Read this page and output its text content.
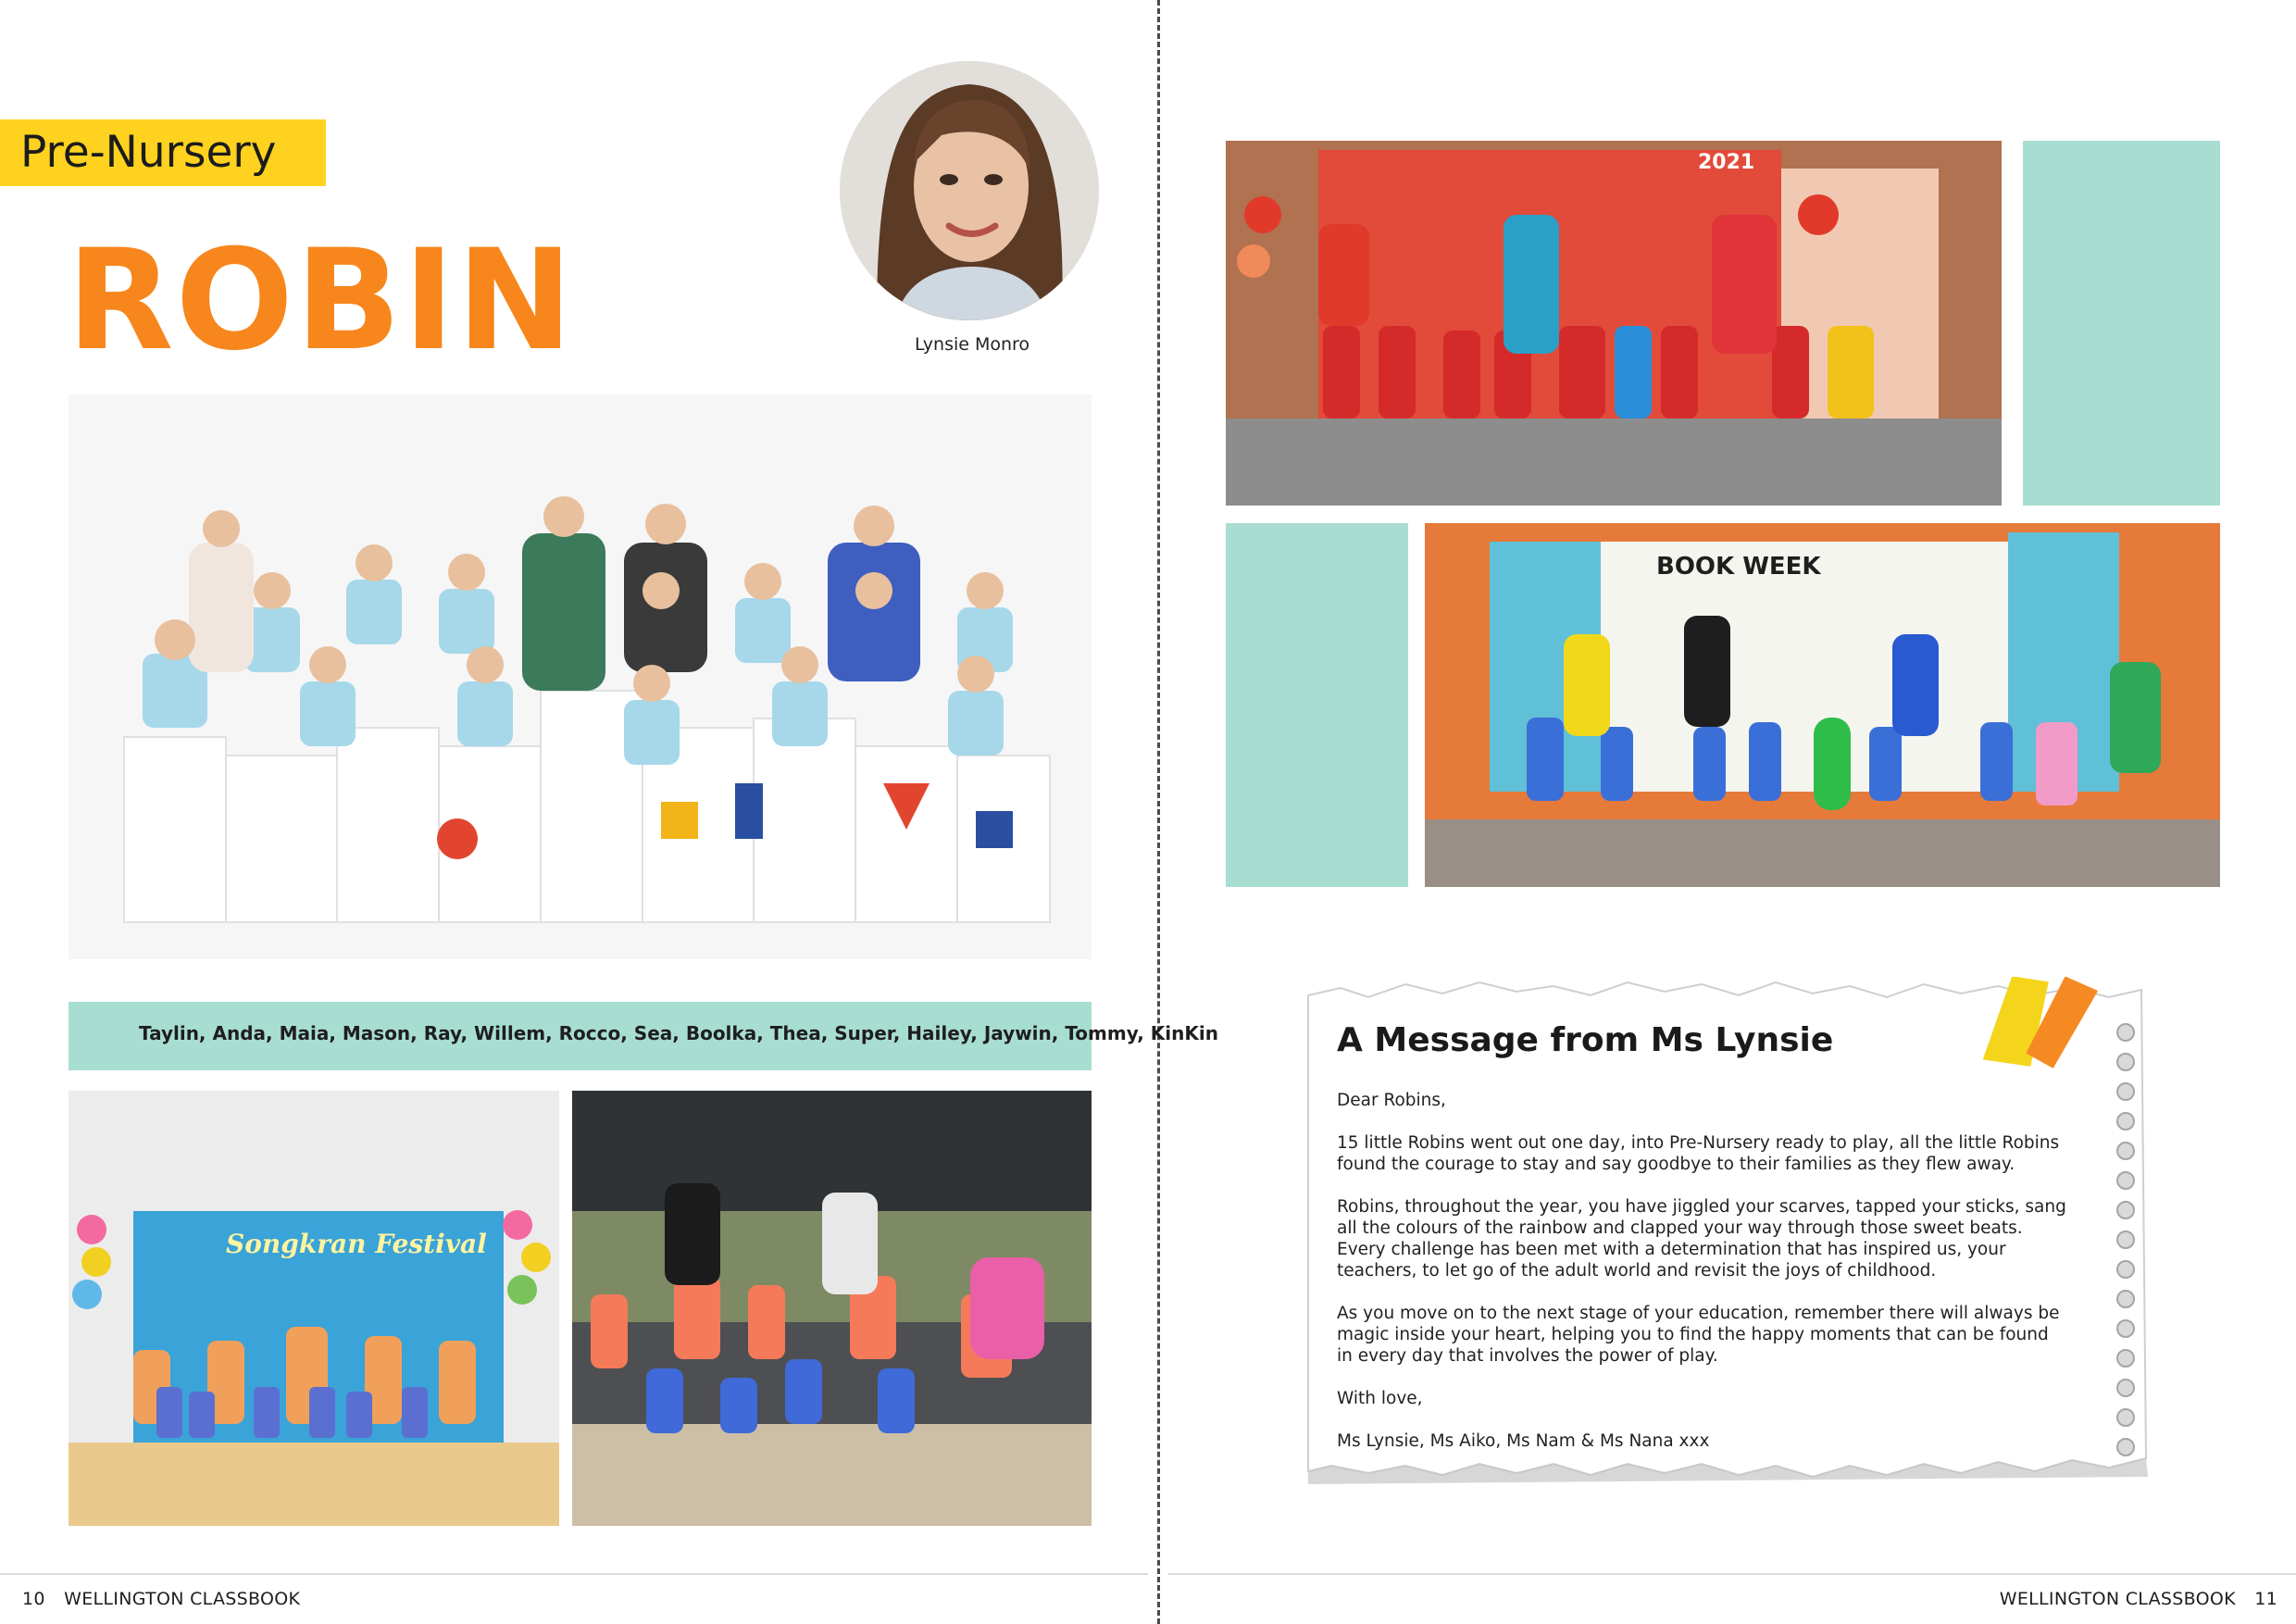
Pre-Nursery
ROBIN	Lynsie Monro
Taylin, Anda, Maia, Mason, Ray, Willem, Rocco, Sea, Boolka, Thea, Super, Hailey, Jaywin, Tommy, KinKin
Songkran Festival
2021
BOOK WEEK
A Message from Ms Lynsie

Dear Robins,

15 little Robins went out one day, into Pre-Nursery ready to play, all the little Robins found the courage to stay and say goodbye to their families as they flew away.

Robins, throughout the year, you have jiggled your scarves, tapped your sticks, sang all the colours of the rainbow and clapped your way through those sweet beats. Every challenge has been met with a determination that has inspired us, your teachers, to let go of the adult world and revisit the joys of childhood.

As you move on to the next stage of your education, remember there will always be magic inside your heart, helping you to find the happy moments that can be found in every day that involves the power of play.

With love,

Ms Lynsie, Ms Aiko, Ms Nam & Ms Nana xxx

10 WELLINGTON CLASSBOOK	WELLINGTON CLASSBOOK 11
